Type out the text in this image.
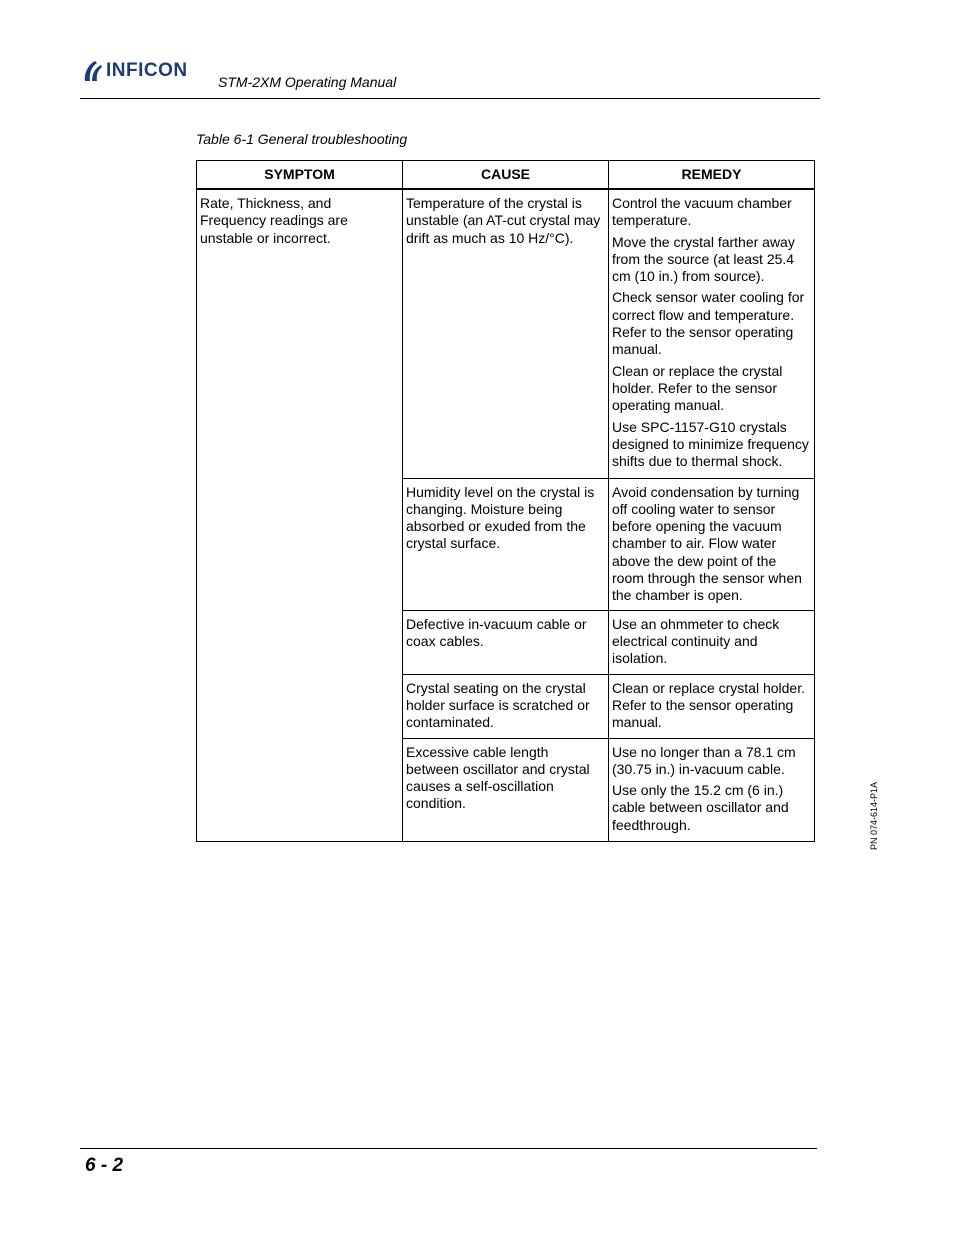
INFICON
STM-2XM Operating Manual
Table 6-1 General troubleshooting
SYMPTOM	CAUSE	REMEDY
Rate, Thickness, and Frequency readings are unstable or incorrect.	Temperature of the crystal is unstable (an AT-cut crystal may drift as much as 10 Hz/°C).	Control the vacuum chamber temperature.

Move the crystal farther away from the source (at least 25.4 cm (10 in.) from source).

Check sensor water cooling for correct flow and temperature. Refer to the sensor operating manual.

Clean or replace the crystal holder. Refer to the sensor operating manual.

Use SPC-1157-G10 crystals designed to minimize frequency shifts due to thermal shock.

	Humidity level on the crystal is changing. Moisture being absorbed or exuded from the crystal surface.	Avoid condensation by turning off cooling water to sensor before opening the vacuum chamber to air. Flow water above the dew point of the room through the sensor when the chamber is open.

	Defective in-vacuum cable or coax cables.	Use an ohmmeter to check electrical continuity and isolation.

	Crystal seating on the crystal holder surface is scratched or contaminated.	Clean or replace crystal holder. Refer to the sensor operating manual.

	Excessive cable length between oscillator and crystal causes a self-oscillation condition.	Use no longer than a 78.1 cm (30.75 in.) in-vacuum cable.

Use only the 15.2 cm (6 in.) cable between oscillator and feedthrough.	PN 074-614-P1A
6 - 2
